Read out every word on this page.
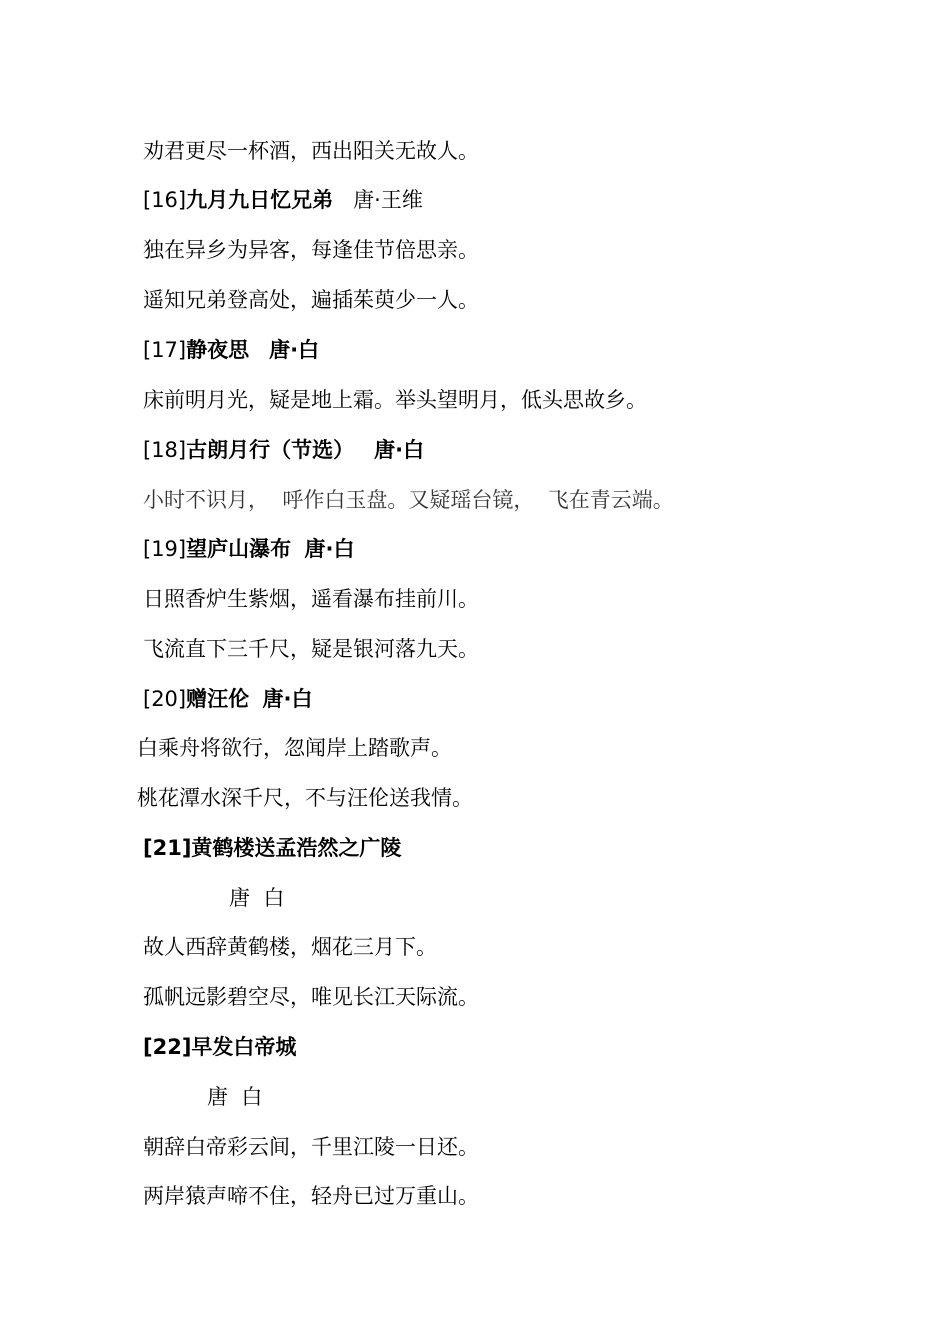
劝君更尽一杯酒，西出阳关无故人。
[16]九月九日忆兄弟 唐·王维
独在异乡为异客，每逢佳节倍思亲。
遥知兄弟登高处，遍插茱萸少一人。
[17]静夜思 唐·白
床前明月光，疑是地上霜。举头望明月，低头思故乡。
[18]古朗月行（节选） 唐·白
小时不识月，  呼作白玉盘。又疑瑶台镜，  飞在青云端。
[19]望庐山瀑布 唐·白
日照香炉生紫烟，遥看瀑布挂前川。
飞流直下三千尺，疑是银河落九天。
[20]赠汪伦 唐·白
白乘舟将欲行，忽闻岸上踏歌声。
桃花潭水深千尺，不与汪伦送我情。
[21]黄鹤楼送孟浩然之广陵
唐  白
故人西辞黄鹤楼，烟花三月下。
孤帆远影碧空尽，唯见长江天际流。
[22]早发白帝城
唐  白
朝辞白帝彩云间，千里江陵一日还。
两岸猿声啼不住，轻舟已过万重山。
